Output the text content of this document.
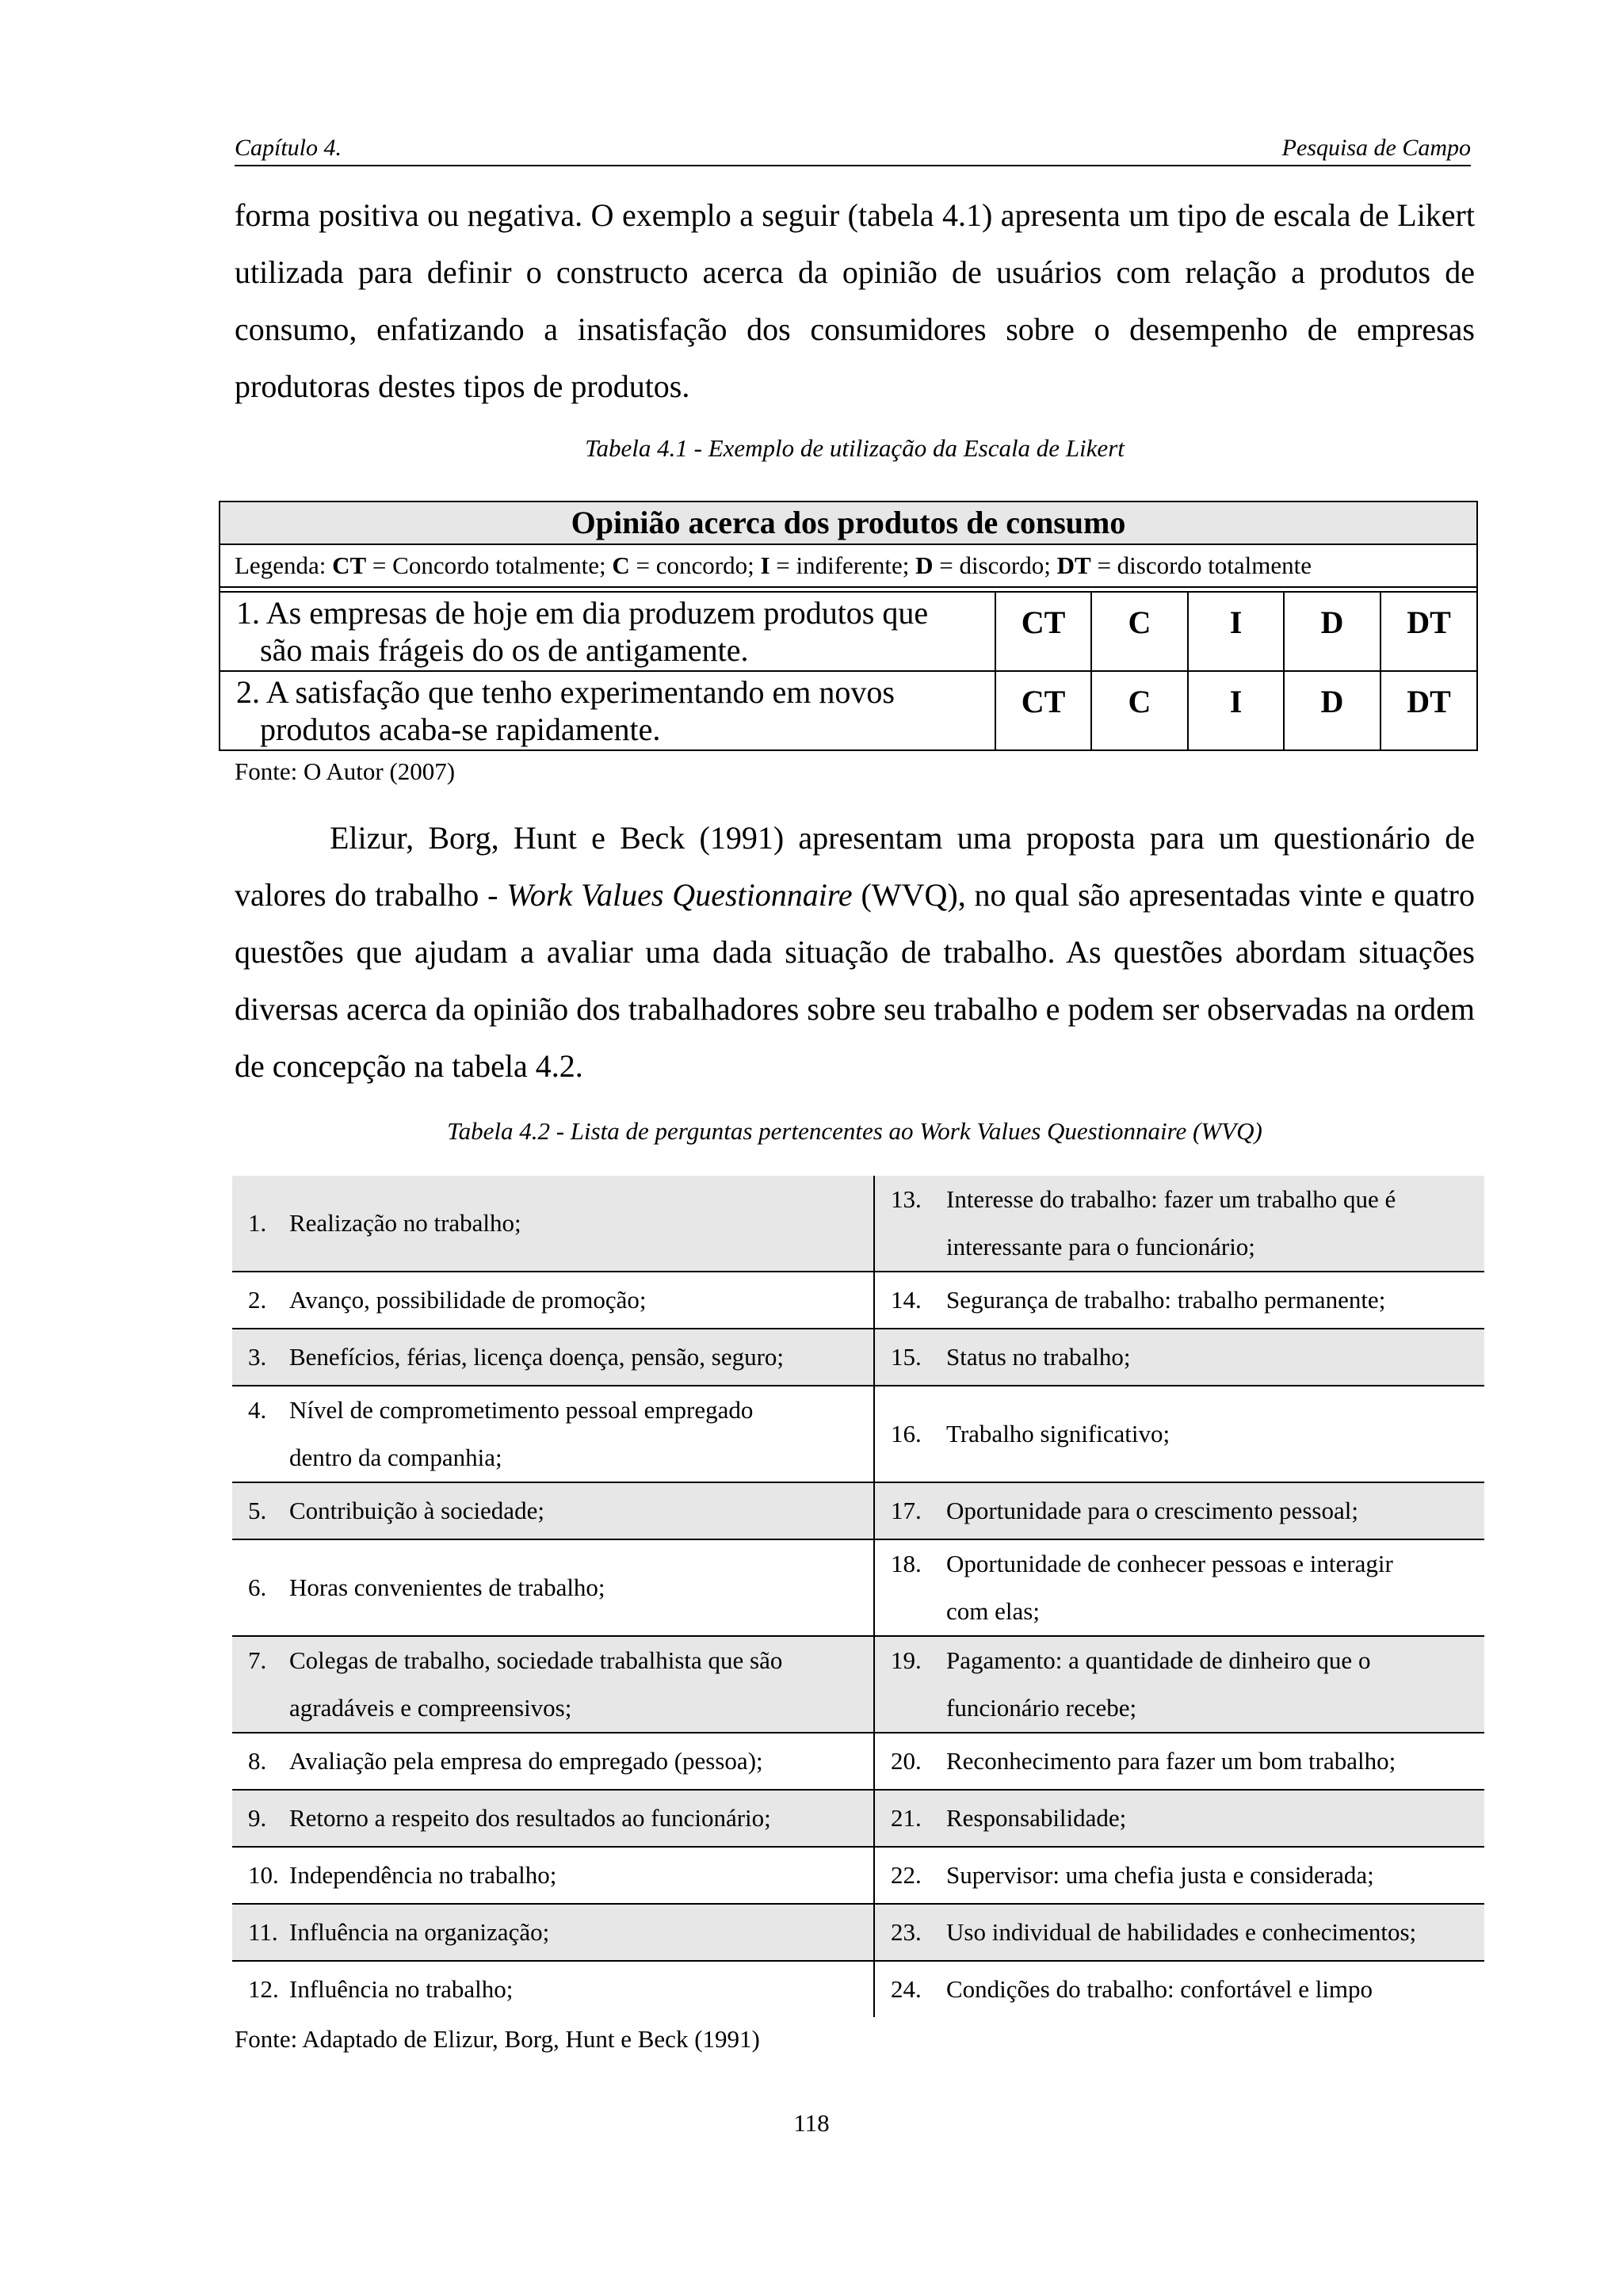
Capítulo 4.	Pesquisa de Campo

forma positiva ou negativa. O exemplo a seguir (tabela 4.1) apresenta um tipo de escala de Likert utilizada para definir o constructo acerca da opinião de usuários com relação a produtos de consumo, enfatizando a insatisfação dos consumidores sobre o desempenho de empresas produtoras destes tipos de produtos.

Tabela 4.1 - Exemplo de utilização da Escala de Likert
Opinião acerca dos produtos de consumo					
Legenda: CT = Concordo totalmente; C = concordo; I = indiferente; D = discordo; DT = discordo totalmente					

1. As empresas de hoje em dia produzem produtos que
são mais frágeis do os de antigamente.	CT	C	I	D	DT
2. A satisfação que tenho experimentando em novos
produtos acaba-se rapidamente.	CT	C	I	D	DT
Fonte: O Autor (2007)

Elizur, Borg, Hunt e Beck (1991) apresentam uma proposta para um questionário de valores do trabalho - Work Values Questionnaire (WVQ), no qual são apresentadas vinte e quatro questões que ajudam a avaliar uma dada situação de trabalho. As questões abordam situações diversas acerca da opinião dos trabalhadores sobre seu trabalho e podem ser observadas na ordem de concepção na tabela 4.2.

Tabela 4.2 - Lista de perguntas pertencentes ao Work Values Questionnaire (WVQ)
1. Realização no trabalho;	13. Interesse do trabalho: fazer um trabalho que é
interessante para o funcionário;

2. Avanço, possibilidade de promoção;	14. Segurança de trabalho: trabalho permanente;
3. Benefícios, férias, licença doença, pensão, seguro;	15. Status no trabalho;
4. Nível de comprometimento pessoal empregado
dentro da companhia;	16. Trabalho significativo;
5. Contribuição à sociedade;	17. Oportunidade para o crescimento pessoal;
6. Horas convenientes de trabalho;	18. Oportunidade de conhecer pessoas e interagir
com elas;

7. Colegas de trabalho, sociedade trabalhista que são
agradáveis e compreensivos;	19. Pagamento: a quantidade de dinheiro que o
funcionário recebe;

8. Avaliação pela empresa do empregado (pessoa);	20. Reconhecimento para fazer um bom trabalho;
9. Retorno a respeito dos resultados ao funcionário;	21. Responsabilidade;
10. Independência no trabalho;	22. Supervisor: uma chefia justa e considerada;
11. Influência na organização;	23. Uso individual de habilidades e conhecimentos;
12. Influência no trabalho;	24. Condições do trabalho: confortável e limpo
Fonte: Adaptado de Elizur, Borg, Hunt e Beck (1991)
118
